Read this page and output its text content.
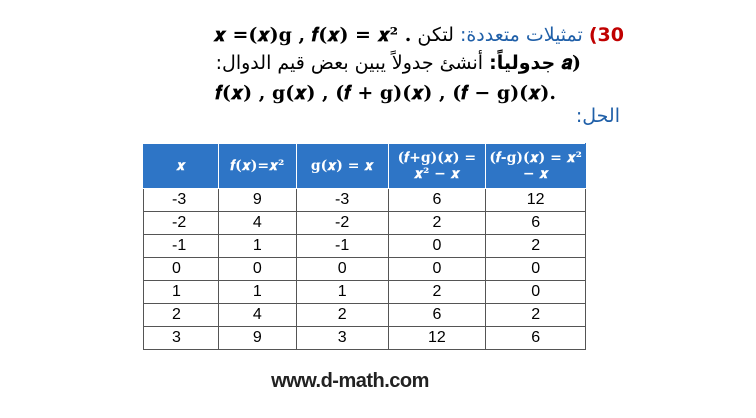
30) تمثيلات متعددة: لتكن 𝒙 =(𝒙)g , 𝒇(𝒙) = 𝒙² .
𝒂) جدولياً: أنشئ جدولاً يبين بعض قيم الدوال:
𝒇(𝒙) , g(𝒙) , (𝒇 + g)(𝒙) , (𝒇 − g)(𝒙).
الحل:
𝒙	𝒇(𝒙)=𝒙²	g(𝒙) = 𝒙	(𝒇+g)(𝒙) = 𝒙² − 𝒙	(𝒇-g)(𝒙) = 𝒙² − 𝒙
-3	9	-3	6	12
-2	4	-2	2	6
-1	1	-1	0	2
0	0	0	0	0
1	1	1	2	0
2	4	2	6	2
3	9	3	12	6
www.d-math.com
